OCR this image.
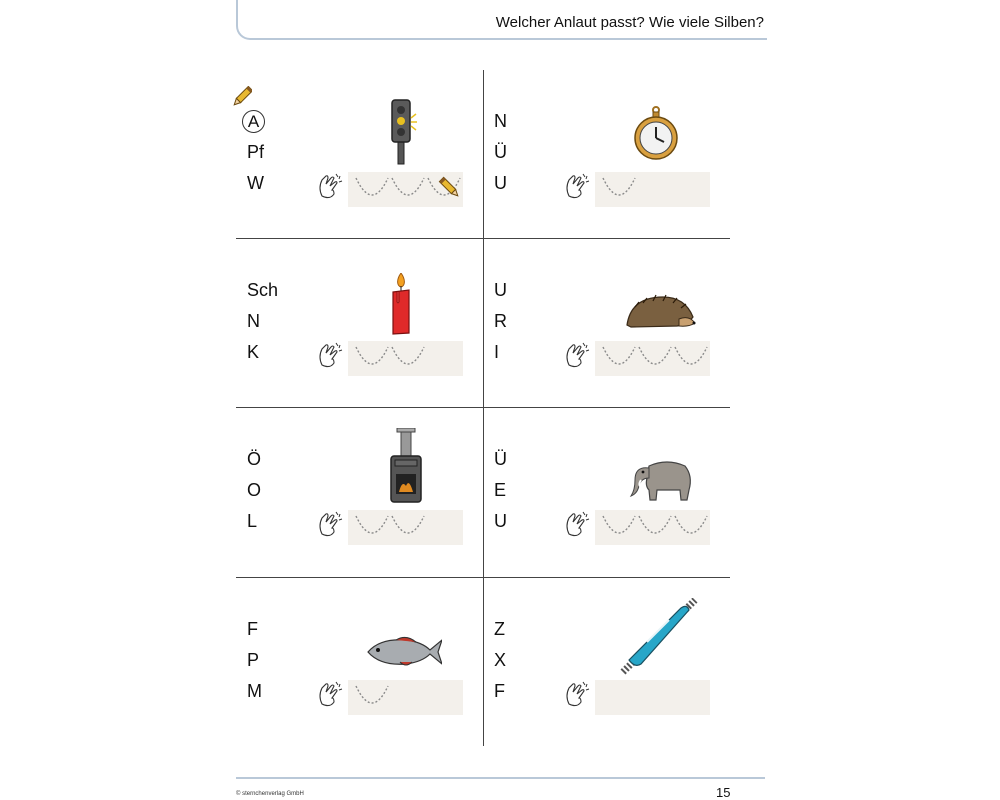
Welcher Anlaut passt? Wie viele Silben?
A
Pf
W
N
Ü
U
Sch
N
K
U
R
I
Ö
O
L
Ü
E
U
F
P
M
Z
X
F
© sternchenverlag GmbH	15
